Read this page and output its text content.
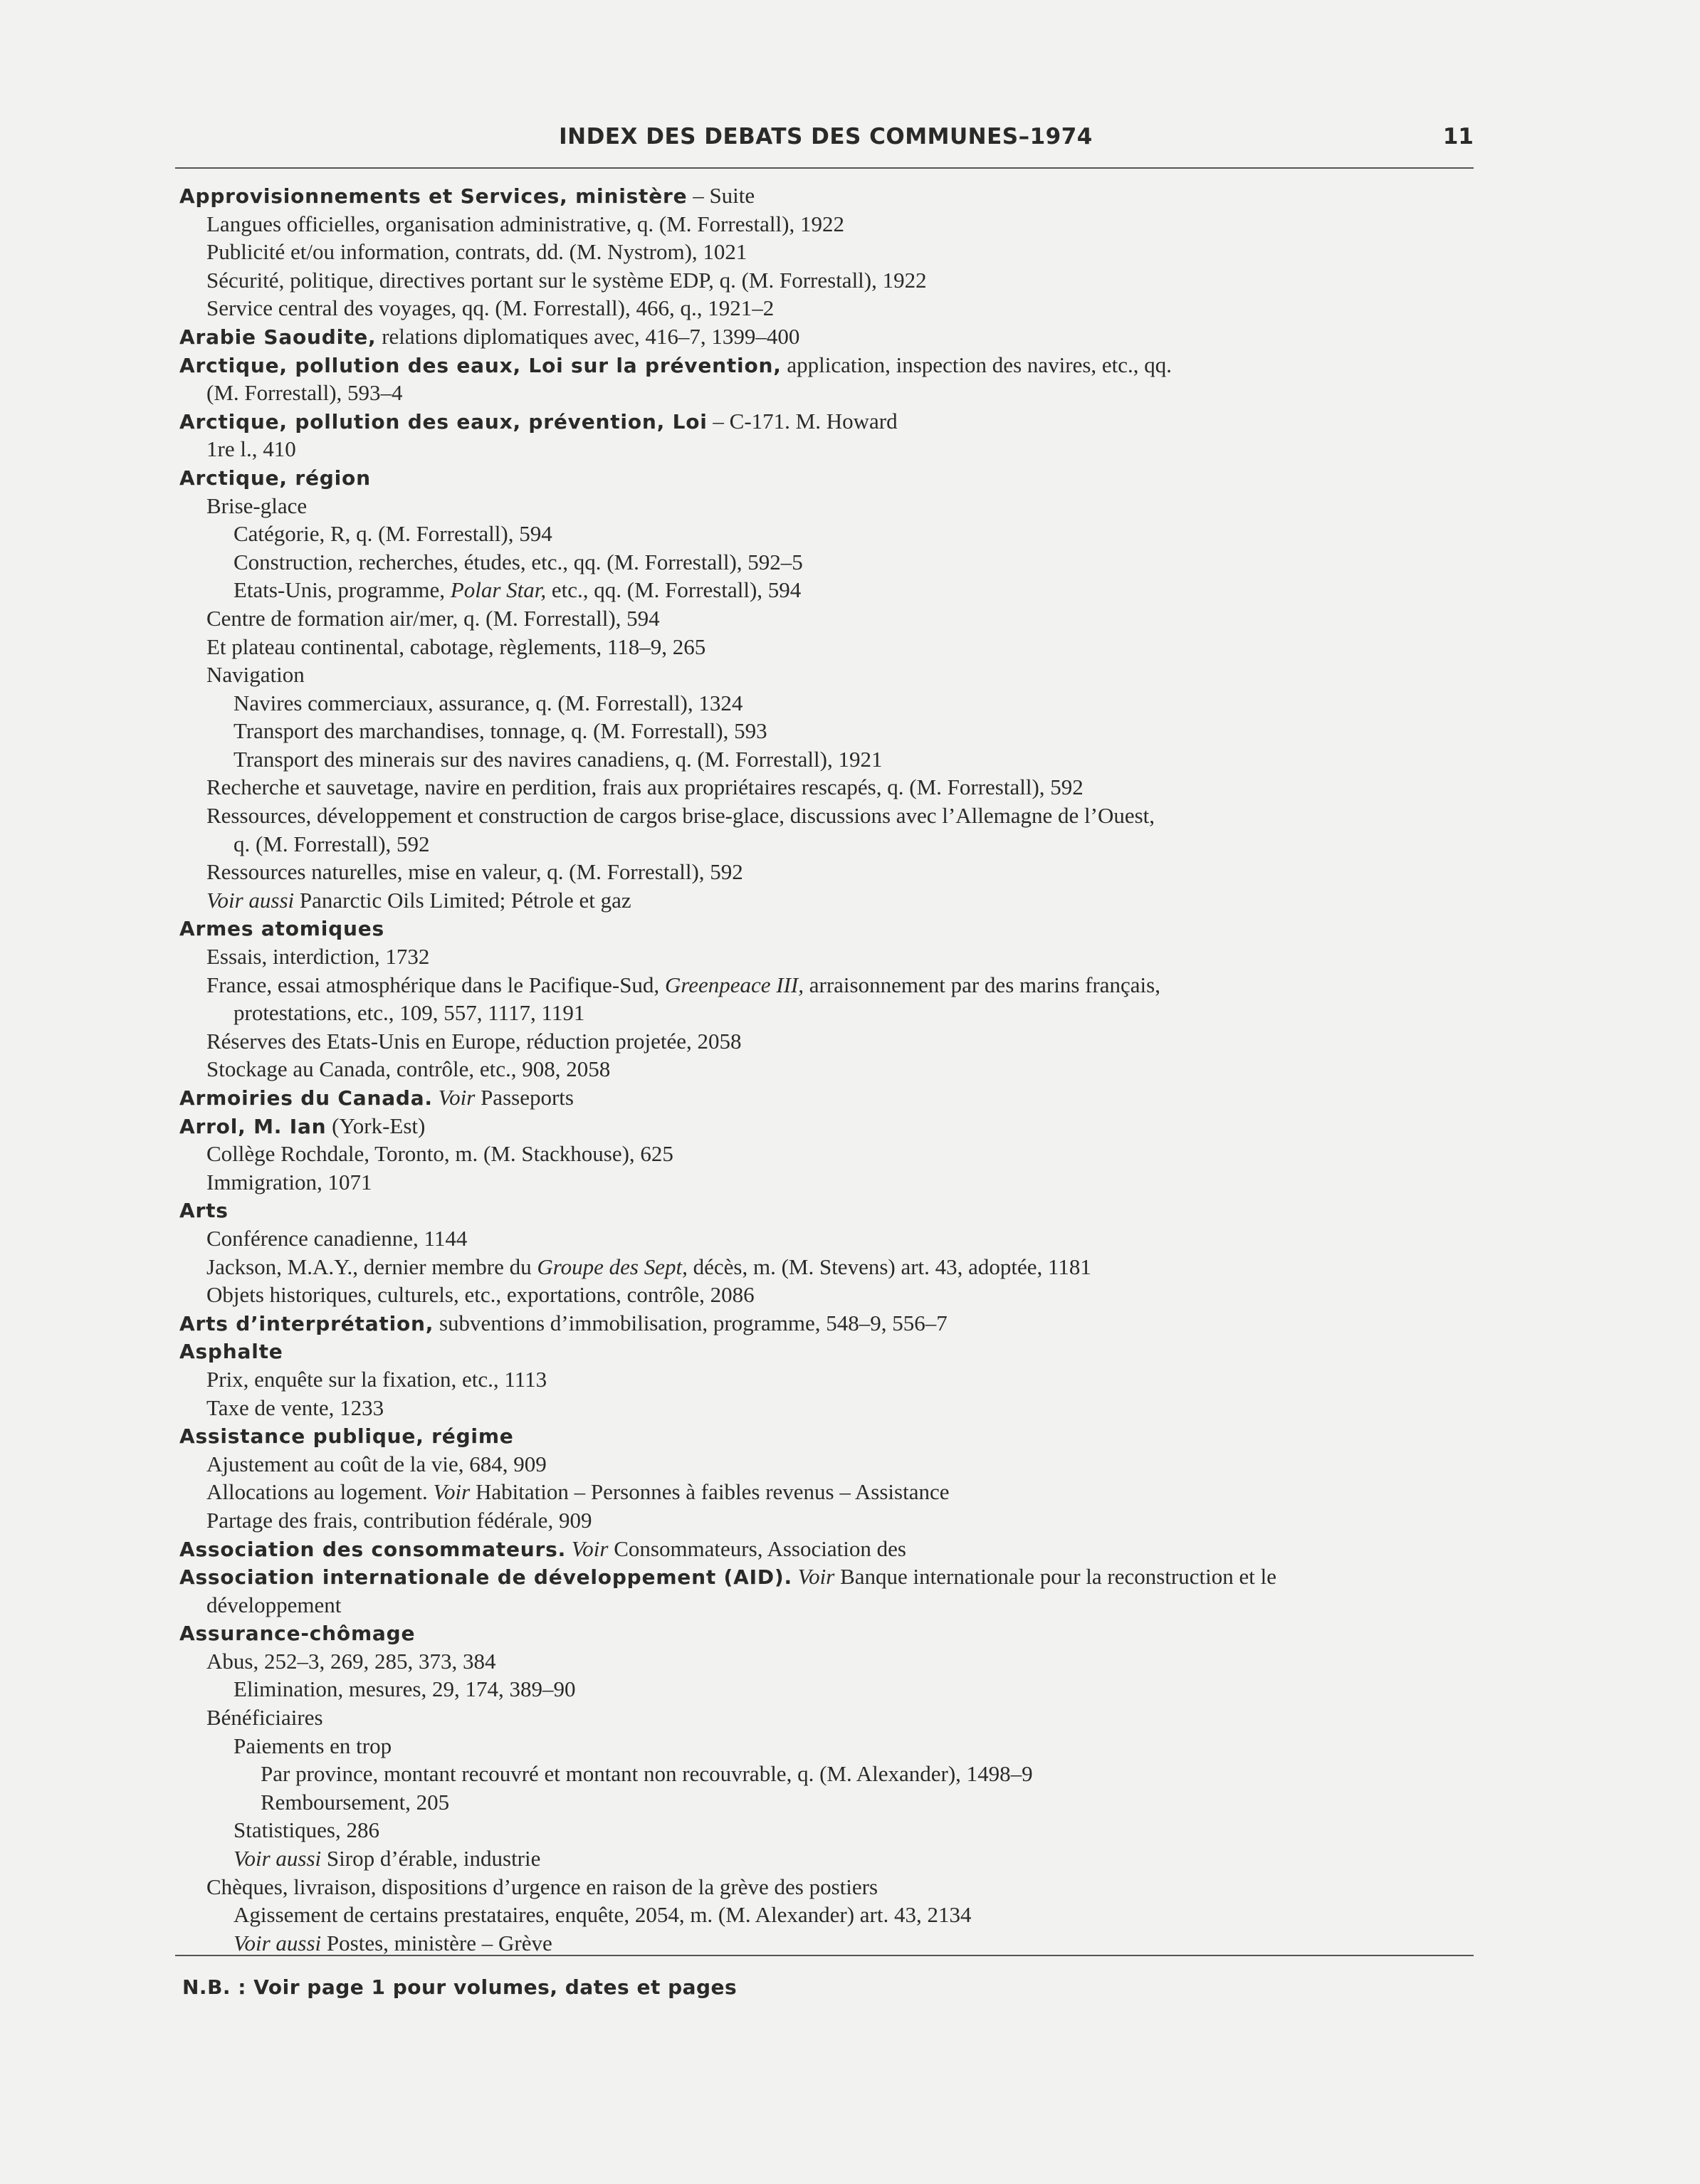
INDEX DES DEBATS DES COMMUNES–1974	11
Approvisionnements et Services, ministère – Suite
Langues officielles, organisation administrative, q. (M. Forrestall), 1922
Publicité et/ou information, contrats, dd. (M. Nystrom), 1021
Sécurité, politique, directives portant sur le système EDP, q. (M. Forrestall), 1922
Service central des voyages, qq. (M. Forrestall), 466, q., 1921–2
Arabie Saoudite, relations diplomatiques avec, 416–7, 1399–400
Arctique, pollution des eaux, Loi sur la prévention, application, inspection des navires, etc., qq.
(M. Forrestall), 593–4
Arctique, pollution des eaux, prévention, Loi – C-171. M. Howard
1re l., 410
Arctique, région
Brise-glace
Catégorie, R, q. (M. Forrestall), 594
Construction, recherches, études, etc., qq. (M. Forrestall), 592–5
Etats-Unis, programme, Polar Star, etc., qq. (M. Forrestall), 594
Centre de formation air/mer, q. (M. Forrestall), 594
Et plateau continental, cabotage, règlements, 118–9, 265
Navigation
Navires commerciaux, assurance, q. (M. Forrestall), 1324
Transport des marchandises, tonnage, q. (M. Forrestall), 593
Transport des minerais sur des navires canadiens, q. (M. Forrestall), 1921
Recherche et sauvetage, navire en perdition, frais aux propriétaires rescapés, q. (M. Forrestall), 592
Ressources, développement et construction de cargos brise-glace, discussions avec l’Allemagne de l’Ouest,
q. (M. Forrestall), 592
Ressources naturelles, mise en valeur, q. (M. Forrestall), 592
Voir aussi Panarctic Oils Limited; Pétrole et gaz
Armes atomiques
Essais, interdiction, 1732
France, essai atmosphérique dans le Pacifique-Sud, Greenpeace III, arraisonnement par des marins français,
protestations, etc., 109, 557, 1117, 1191
Réserves des Etats-Unis en Europe, réduction projetée, 2058
Stockage au Canada, contrôle, etc., 908, 2058
Armoiries du Canada. Voir Passeports
Arrol, M. Ian (York-Est)
Collège Rochdale, Toronto, m. (M. Stackhouse), 625
Immigration, 1071
Arts
Conférence canadienne, 1144
Jackson, M.A.Y., dernier membre du Groupe des Sept, décès, m. (M. Stevens) art. 43, adoptée, 1181
Objets historiques, culturels, etc., exportations, contrôle, 2086
Arts d’interprétation, subventions d’immobilisation, programme, 548–9, 556–7
Asphalte
Prix, enquête sur la fixation, etc., 1113
Taxe de vente, 1233
Assistance publique, régime
Ajustement au coût de la vie, 684, 909
Allocations au logement. Voir Habitation – Personnes à faibles revenus – Assistance
Partage des frais, contribution fédérale, 909
Association des consommateurs. Voir Consommateurs, Association des
Association internationale de développement (AID). Voir Banque internationale pour la reconstruction et le
développement
Assurance-chômage
Abus, 252–3, 269, 285, 373, 384
Elimination, mesures, 29, 174, 389–90
Bénéficiaires
Paiements en trop
Par province, montant recouvré et montant non recouvrable, q. (M. Alexander), 1498–9
Remboursement, 205
Statistiques, 286
Voir aussi Sirop d’érable, industrie
Chèques, livraison, dispositions d’urgence en raison de la grève des postiers
Agissement de certains prestataires, enquête, 2054, m. (M. Alexander) art. 43, 2134
Voir aussi Postes, ministère – Grève
N.B. : Voir page 1 pour volumes, dates et pages
